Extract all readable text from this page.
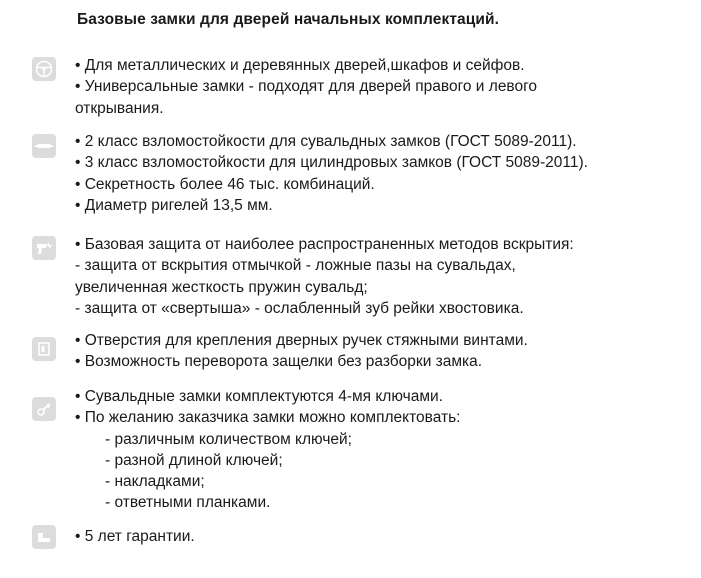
Базовые замки для дверей начальных комплектаций.
• Для металлических и деревянных дверей,шкафов и сейфов.
• Универсальные замки - подходят для дверей правого и левого
открывания.
• 2 класс взломостойкости для сувальдных замков (ГОСТ 5089-2011).
• 3 класс взломостойкости для цилиндровых замков (ГОСТ 5089-2011).
• Секретность более 46 тыс. комбинаций.
• Диаметр ригелей 13,5 мм.
• Базовая защита от наиболее распространенных методов вскрытия:
- защита от вскрытия отмычкой - ложные пазы на сувальдах,
увеличенная жесткость пружин сувальд;
- защита от «свертыша» - ослабленный зуб рейки хвостовика.
• Отверстия для крепления дверных ручек стяжными винтами.
• Возможность переворота защелки без разборки замка.
• Сувальдные замки комплектуются 4-мя ключами.
• По желанию заказчика замки можно комплектовать:
- различным количеством ключей;
- разной длиной ключей;
- накладками;
- ответными планками.
• 5 лет гарантии.
